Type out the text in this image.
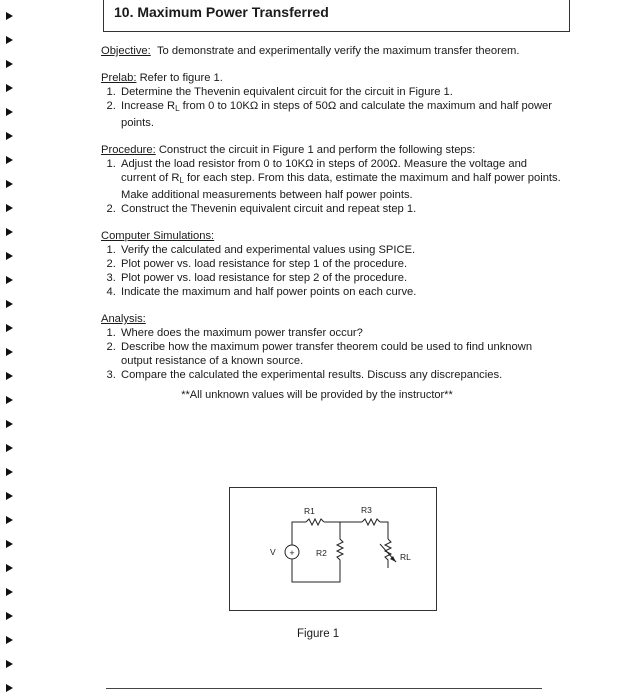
10. Maximum Power Transferred
Objective: To demonstrate and experimentally verify the maximum transfer theorem.
Prelab: Refer to figure 1.
1. Determine the Thevenin equivalent circuit for the circuit in Figure 1.
2. Increase $R_L$ from 0 to 10KΩ in steps of 50Ω and calculate the maximum and half power points.
Procedure: Construct the circuit in Figure 1 and perform the following steps:
1. Adjust the load resistor from 0 to 10KΩ in steps of 200Ω. Measure the voltage and current of $R_L$ for each step. From this data, estimate the maximum and half power points. Make additional measurements between half power points.
2. Construct the Thevenin equivalent circuit and repeat step 1.
Computer Simulations:
1. Verify the calculated and experimental values using SPICE.
2. Plot power vs. load resistance for step 1 of the procedure.
3. Plot power vs. load resistance for step 2 of the procedure.
4. Indicate the maximum and half power points on each curve.
Analysis:
1. Where does the maximum power transfer occur?
2. Describe how the maximum power transfer theorem could be used to find unknown output resistance of a known source.
3. Compare the calculated the experimental results. Discuss any discrepancies.
**All unknown values will be provided by the instructor**
+
V
R1
R2
R3
RL
Figure 1
